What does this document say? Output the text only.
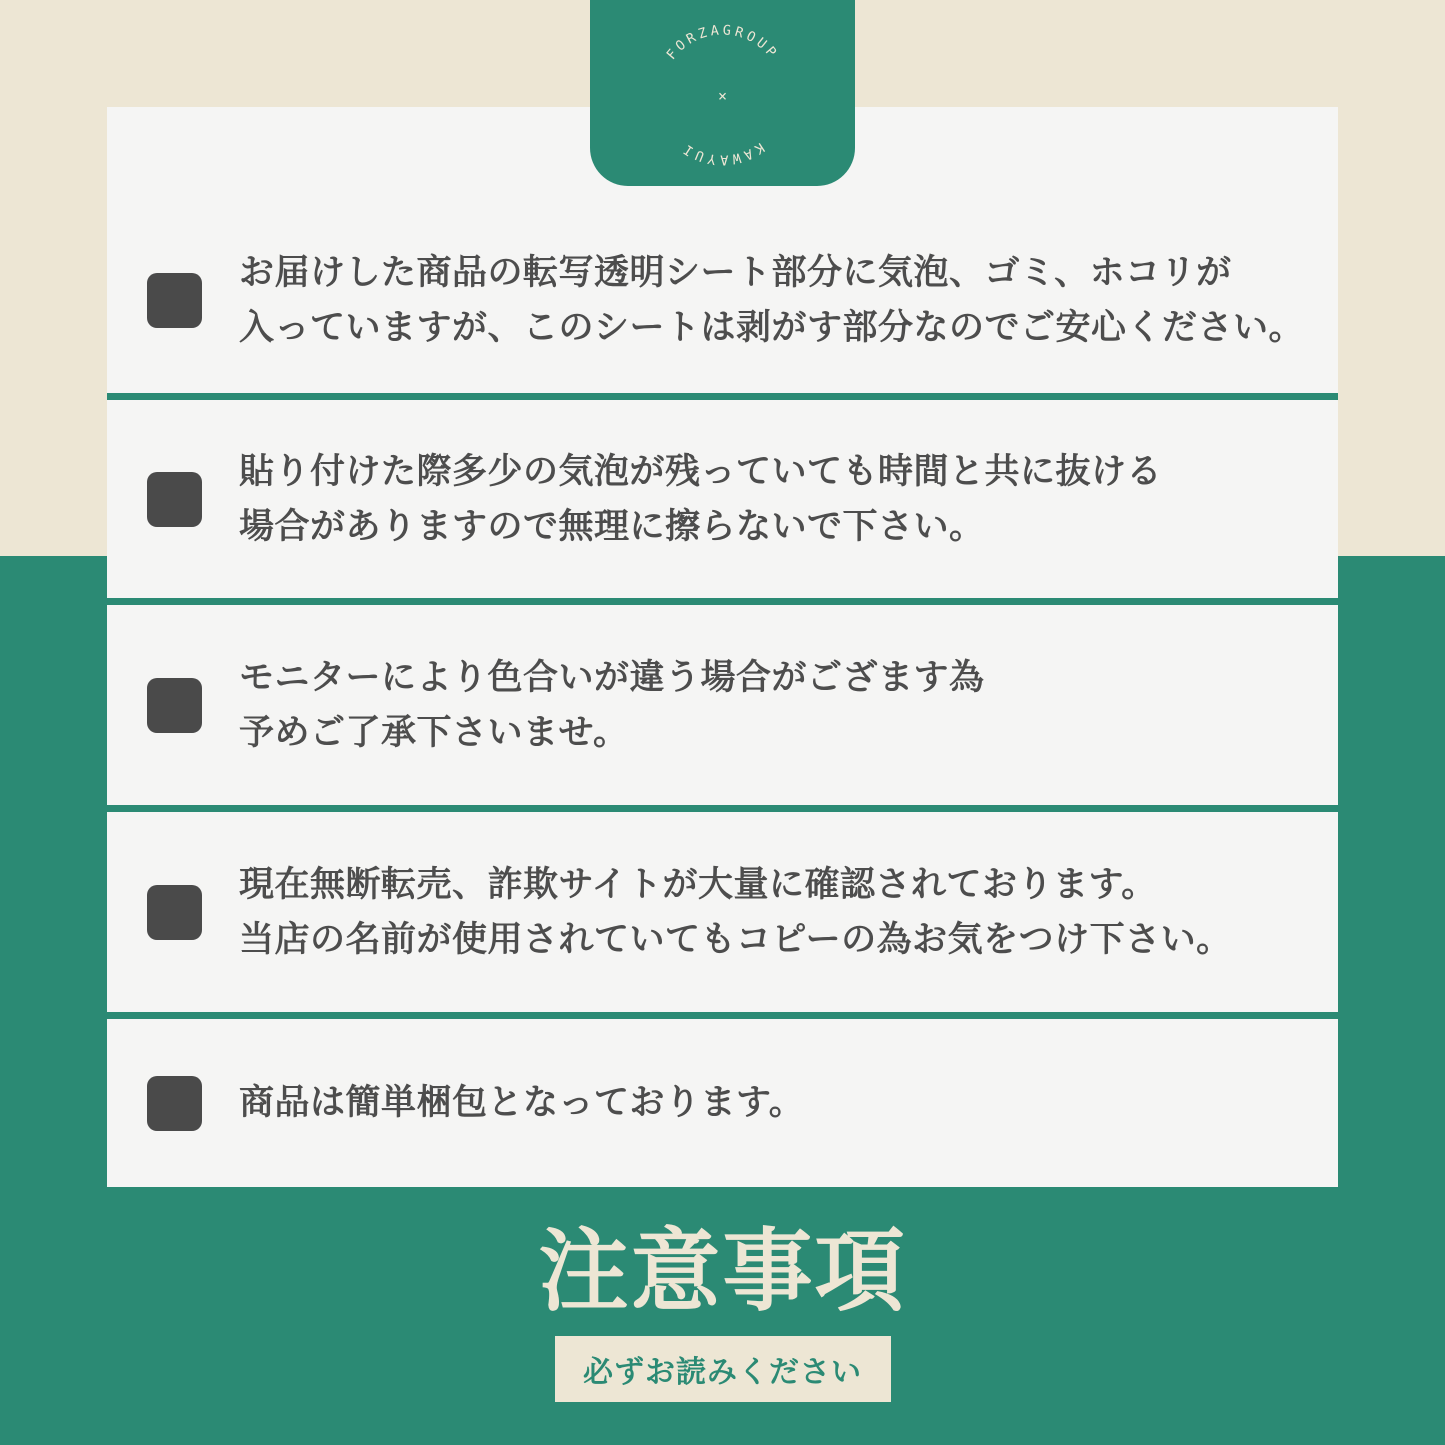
FORZAGROUP
KAWAYUI
×
お届けした商品の転写透明シート部分に気泡、ゴミ、ホコリが
入っていますが、このシートは剥がす部分なのでご安心ください。
貼り付けた際多少の気泡が残っていても時間と共に抜ける
場合がありますので無理に擦らないで下さい。
モニターにより色合いが違う場合がござます為
予めご了承下さいませ。
現在無断転売、詐欺サイトが大量に確認されております。
当店の名前が使用されていてもコピーの為お気をつけ下さい。
商品は簡単梱包となっております。
注意事項
必ずお読みください
